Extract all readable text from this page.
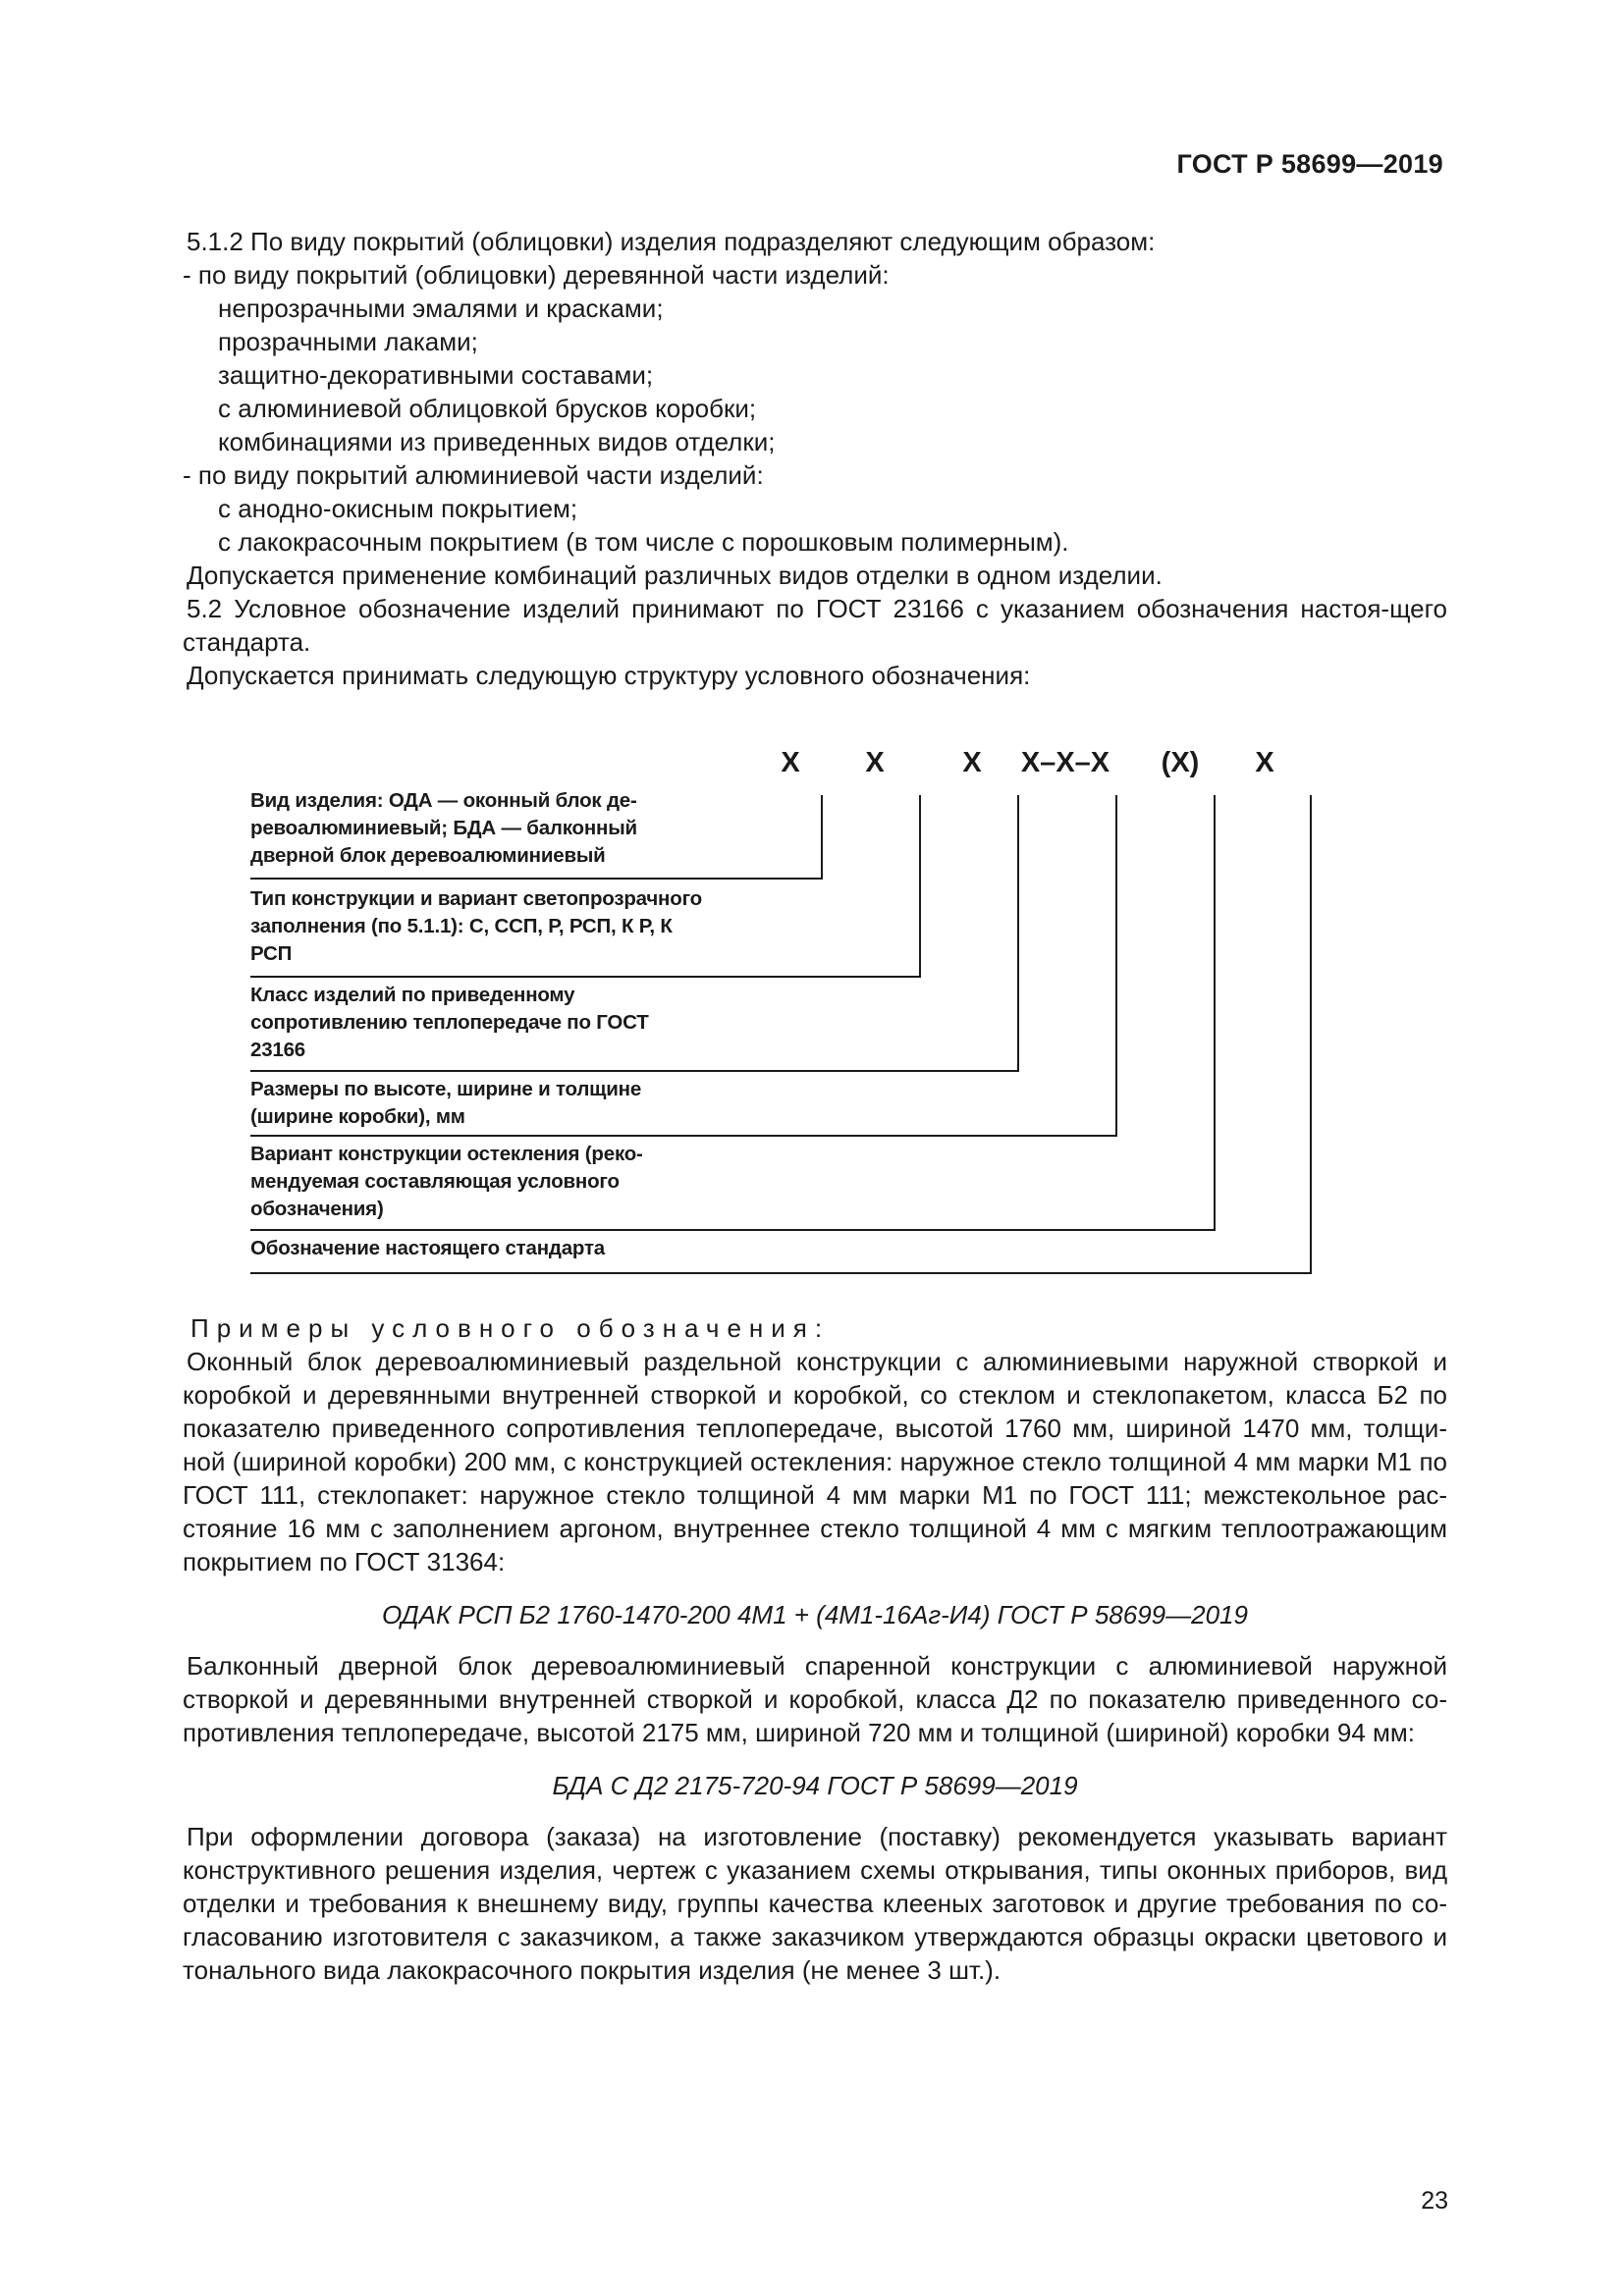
ГОСТ Р 58699—2019

5.1.2 По виду покрытий (облицовки) изделия подразделяют следующим образом:

- по виду покрытий (облицовки) деревянной части изделий:

непрозрачными эмалями и красками;

прозрачными лаками;

защитно-декоративными составами;

с алюминиевой облицовкой брусков коробки;

комбинациями из приведенных видов отделки;

- по виду покрытий алюминиевой части изделий:

с анодно-окисным покрытием;

с лакокрасочным покрытием (в том числе с порошковым полимерным).

Допускается применение комбинаций различных видов отделки в одном изделии.

5.2 Условное обозначение изделий принимают по ГОСТ 23166 с указанием обозначения настоя-щего стандарта.

Допускается принимать следующую структуру условного обозначения:

Х	Х	Х	Х–Х–Х	(Х)	Х
Вид изделия: ОДА — оконный блок де-ревоалюминиевый; БДА — балконный дверной блок деревоалюминиевый
Тип конструкции и вариант светопрозрачного заполнения (по 5.1.1): С, ССП, Р, РСП, К Р, К РСП
Класс изделий по приведенному сопротивлению теплопередаче по ГОСТ 23166
Размеры по высоте, ширине и толщине (ширине коробки), мм
Вариант конструкции остекления (реко-мендуемая составляющая условного обозначения)
Обозначение настоящего стандарта

Примеры условного обозначения:

Оконный блок деревоалюминиевый раздельной конструкции с алюминиевыми наружной створкой и коробкой и деревянными внутренней створкой и коробкой, со стеклом и стеклопакетом, класса Б2 по показателю приведенного сопротивления теплопередаче, высотой 1760 мм, шириной 1470 мм, толщи-ной (шириной коробки) 200 мм, с конструкцией остекления: наружное стекло толщиной 4 мм марки М1 по ГОСТ 111, стеклопакет: наружное стекло толщиной 4 мм марки М1 по ГОСТ 111; межстекольное рас-стояние 16 мм с заполнением аргоном, внутреннее стекло толщиной 4 мм с мягким теплоотражающим покрытием по ГОСТ 31364:

ОДАК РСП Б2 1760-1470-200 4М1 + (4М1-16Аг-И4) ГОСТ Р 58699—2019

Балконный дверной блок деревоалюминиевый спаренной конструкции с алюминиевой наружной створкой и деревянными внутренней створкой и коробкой, класса Д2 по показателю приведенного со-противления теплопередаче, высотой 2175 мм, шириной 720 мм и толщиной (шириной) коробки 94 мм:

БДА С Д2 2175-720-94 ГОСТ Р 58699—2019

При оформлении договора (заказа) на изготовление (поставку) рекомендуется указывать вариант конструктивного решения изделия, чертеж с указанием схемы открывания, типы оконных приборов, вид отделки и требования к внешнему виду, группы качества клееных заготовок и другие требования по со-гласованию изготовителя с заказчиком, а также заказчиком утверждаются образцы окраски цветового и тонального вида лакокрасочного покрытия изделия (не менее 3 шт.).

23
